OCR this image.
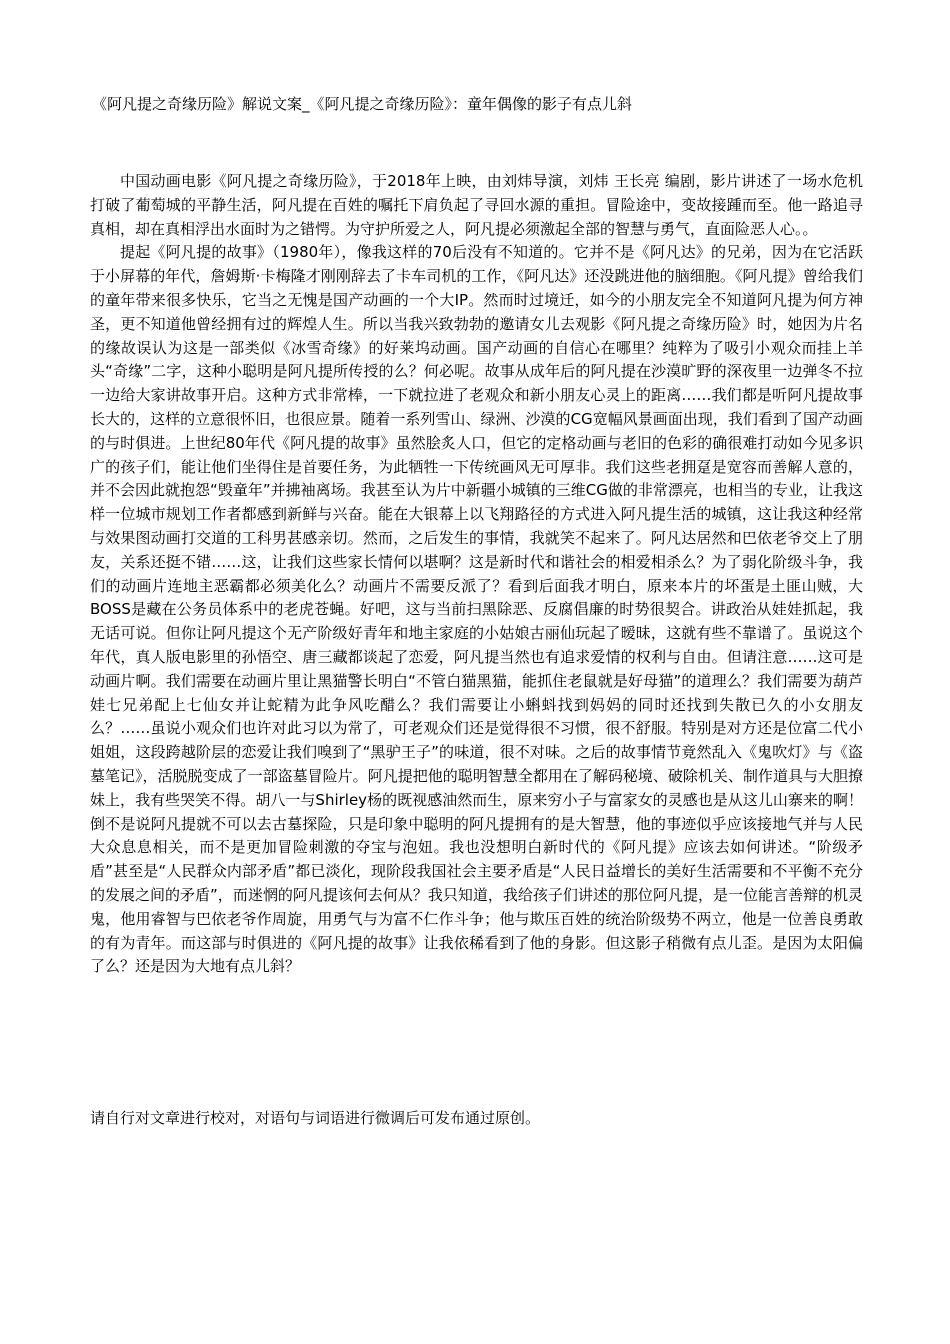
《阿凡提之奇缘历险》解说文案_《阿凡提之奇缘历险》：童年偶像的影子有点儿斜

中国动画电影《阿凡提之奇缘历险》，于2018年上映，由刘炜导演，刘炜 王长亮 编剧，影片讲述了一场水危机打破了葡萄城的平静生活，阿凡提在百姓的嘱托下肩负起了寻回水源的重担。冒险途中，变故接踵而至。他一路追寻真相，却在真相浮出水面时为之错愕。为守护所爱之人，阿凡提必须激起全部的智慧与勇气，直面险恶人心。。

提起《阿凡提的故事》（1980年），像我这样的70后没有不知道的。它并不是《阿凡达》的兄弟，因为在它活跃于小屏幕的年代，詹姆斯·卡梅隆才刚刚辞去了卡车司机的工作，《阿凡达》还没跳进他的脑细胞。《阿凡提》曾给我们的童年带来很多快乐，它当之无愧是国产动画的一个大IP。然而时过境迁，如今的小朋友完全不知道阿凡提为何方神圣，更不知道他曾经拥有过的辉煌人生。所以当我兴致勃勃的邀请女儿去观影《阿凡提之奇缘历险》时，她因为片名的缘故误认为这是一部类似《冰雪奇缘》的好莱坞动画。国产动画的自信心在哪里？纯粹为了吸引小观众而挂上羊头“奇缘”二字，这种小聪明是阿凡提所传授的么？何必呢。故事从成年后的阿凡提在沙漠旷野的深夜里一边弹冬不拉一边给大家讲故事开启。这种方式非常棒，一下就拉进了老观众和新小朋友心灵上的距离……我们都是听阿凡提故事长大的，这样的立意很怀旧，也很应景。随着一系列雪山、绿洲、沙漠的CG宽幅风景画面出现，我们看到了国产动画的与时俱进。上世纪80年代《阿凡提的故事》虽然脍炙人口，但它的定格动画与老旧的色彩的确很难打动如今见多识广的孩子们，能让他们坐得住是首要任务，为此牺牲一下传统画风无可厚非。我们这些老拥趸是宽容而善解人意的，并不会因此就抱怨“毁童年”并拂袖离场。我甚至认为片中新疆小城镇的三维CG做的非常漂亮，也相当的专业，让我这样一位城市规划工作者都感到新鲜与兴奋。能在大银幕上以飞翔路径的方式进入阿凡提生活的城镇，这让我这种经常与效果图动画打交道的工科男甚感亲切。然而，之后发生的事情，我就笑不起来了。阿凡达居然和巴依老爷交上了朋友，关系还挺不错……这，让我们这些家长情何以堪啊？这是新时代和谐社会的相爱相杀么？为了弱化阶级斗争，我们的动画片连地主恶霸都必须美化么？动画片不需要反派了？看到后面我才明白，原来本片的坏蛋是土匪山贼，大BOSS是藏在公务员体系中的老虎苍蝇。好吧，这与当前扫黑除恶、反腐倡廉的时势很契合。讲政治从娃娃抓起，我无话可说。但你让阿凡提这个无产阶级好青年和地主家庭的小姑娘古丽仙玩起了暧昧，这就有些不靠谱了。虽说这个年代，真人版电影里的孙悟空、唐三藏都谈起了恋爱，阿凡提当然也有追求爱情的权利与自由。但请注意……这可是动画片啊。我们需要在动画片里让黑猫警长明白“不管白猫黑猫，能抓住老鼠就是好母猫”的道理么？我们需要为葫芦娃七兄弟配上七仙女并让蛇精为此争风吃醋么？我们需要让小蝌蚪找到妈妈的同时还找到失散已久的小女朋友么？……虽说小观众们也许对此习以为常了，可老观众们还是觉得很不习惯，很不舒服。特别是对方还是位富二代小姐姐，这段跨越阶层的恋爱让我们嗅到了“黑驴王子”的味道，很不对味。之后的故事情节竟然乱入《鬼吹灯》与《盗墓笔记》，活脱脱变成了一部盗墓冒险片。阿凡提把他的聪明智慧全都用在了解码秘境、破除机关、制作道具与大胆撩妹上，我有些哭笑不得。胡八一与Shirley杨的既视感油然而生，原来穷小子与富家女的灵感也是从这儿山寨来的啊！倒不是说阿凡提就不可以去古墓探险，只是印象中聪明的阿凡提拥有的是大智慧，他的事迹似乎应该接地气并与人民大众息息相关，而不是更加冒险刺激的夺宝与泡妞。我也没想明白新时代的《阿凡提》应该去如何讲述。“阶级矛盾”甚至是“人民群众内部矛盾”都已淡化，现阶段我国社会主要矛盾是“人民日益增长的美好生活需要和不平衡不充分的发展之间的矛盾”，而迷惘的阿凡提该何去何从？我只知道，我给孩子们讲述的那位阿凡提，是一位能言善辩的机灵鬼，他用睿智与巴依老爷作周旋，用勇气与为富不仁作斗争；他与欺压百姓的统治阶级势不两立，他是一位善良勇敢的有为青年。而这部与时俱进的《阿凡提的故事》让我依稀看到了他的身影。但这影子稍微有点儿歪。是因为太阳偏了么？还是因为大地有点儿斜？

请自行对文章进行校对，对语句与词语进行微调后可发布通过原创。
